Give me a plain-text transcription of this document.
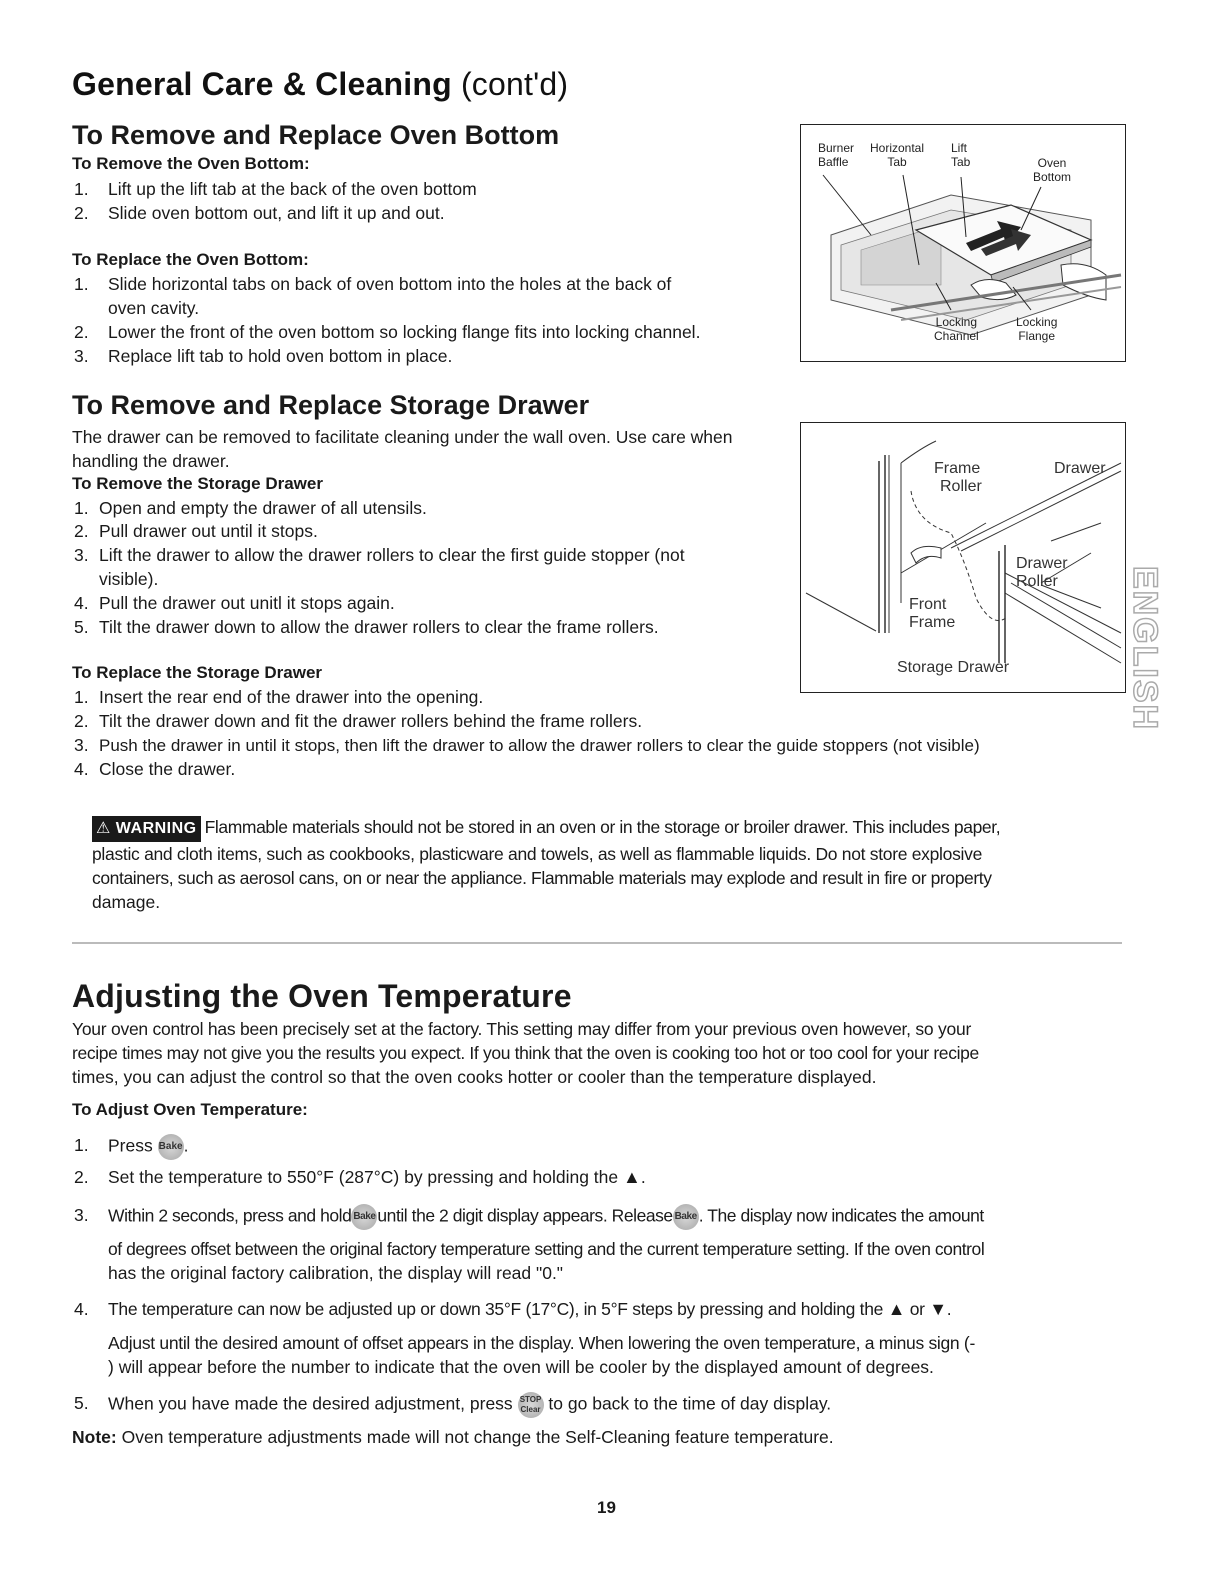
General Care & Cleaning (cont'd)
To Remove and Replace Oven Bottom
To Remove the Oven Bottom:
1. Lift up the lift tab at the back of the oven bottom
2. Slide oven bottom out, and lift it up and out.
To Replace the Oven Bottom:
1. Slide horizontal tabs on back of oven bottom into the holes at the back of
oven cavity.
2. Lower the front of the oven bottom so locking flange fits into locking channel.
3. Replace lift tab to hold oven bottom in place.
Burner
Baffle
Horizontal
Tab
Lift
Tab	Oven
Bottom
Locking
Channel
Locking
Flange
To Remove and Replace Storage Drawer
The drawer can be removed to facilitate cleaning under the wall oven. Use care when
handling the drawer.
To Remove the Storage Drawer
1. Open and empty the drawer of all utensils.
2. Pull drawer out until it stops.
3. Lift the drawer to allow the drawer rollers to clear the first guide stopper (not
visible).
4. Pull the drawer out unitl it stops again.
5. Tilt the drawer down to allow the drawer rollers to clear the frame rollers.
To Replace the Storage Drawer
1. Insert the rear end of the drawer into the opening.
2. Tilt the drawer down and fit the drawer rollers behind the frame rollers.
3. Push the drawer in until it stops, then lift the drawer to allow the drawer rollers to clear the guide stoppers (not visible)
4. Close the drawer.
Frame
Roller
Drawer
Drawer
Roller
Front
Frame
Storage Drawer	ENGLISH
⚠ WARNING Flammable materials should not be stored in an oven or in the storage or broiler drawer. This includes paper,
plastic and cloth items, such as cookbooks, plasticware and towels, as well as flammable liquids. Do not store explosive
containers, such as aerosol cans, on or near the appliance. Flammable materials may explode and result in fire or property
damage.
Adjusting the Oven Temperature
Your oven control has been precisely set at the factory. This setting may differ from your previous oven however, so your
recipe times may not give you the results you expect. If you think that the oven is cooking too hot or too cool for your recipe
times, you can adjust the control so that the oven cooks hotter or cooler than the temperature displayed.
To Adjust Oven Temperature:
1. Press Bake.
2. Set the temperature to 550°F (287°C) by pressing and holding the ▲.
3. Within 2 seconds, press and hold Bake until the 2 digit display appears. Release Bake . The display now indicates the amount
of degrees offset between the original factory temperature setting and the current temperature setting. If the oven control
has the original factory calibration, the display will read "0."
4. The temperature can now be adjusted up or down 35°F (17°C), in 5°F steps by pressing and holding the ▲ or ▼.
Adjust until the desired amount of offset appears in the display. When lowering the oven temperature, a minus sign (-
) will appear before the number to indicate that the oven will be cooler by the displayed amount of degrees.
5. When you have made the desired adjustment, press STOP
Clear to go back to the time of day display.
Note: Oven temperature adjustments made will not change the Self-Cleaning feature temperature.
19
